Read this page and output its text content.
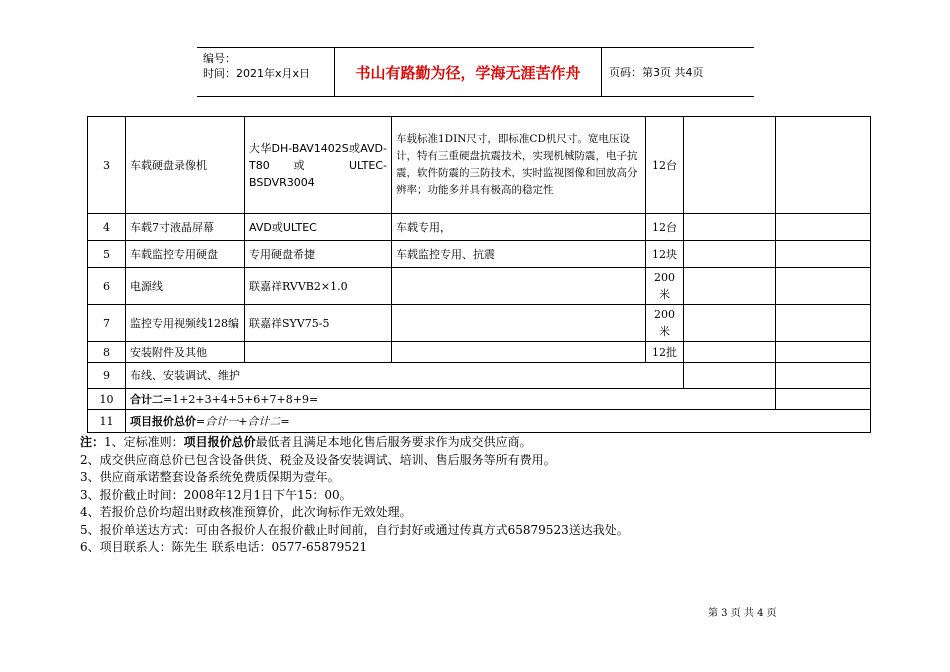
编号：
时间：2021年x月x日	书山有路勤为径，学海无涯苦作舟	页码：第3页 共4页
3	车载硬盘录像机	大华DH-BAV1402S或AVD-T80 或 ULTEC-BSDVR3004	车载标准1DIN尺寸，即标准CD机尺寸。宽电压设计，特有三重硬盘抗震技术，实现机械防震，电子抗震，软件防震的三防技术，实时监视图像和回放高分辨率；功能多并具有极高的稳定性	12台		
4	车载7寸液晶屏幕	AVD或ULTEC	车载专用，	12台		
5	车载监控专用硬盘	专用硬盘希捷	车载监控专用、抗震	12块		
6	电源线	联嘉祥RVVB2×1.0		200米		
7	监控专用视频线128编	联嘉祥SYV75-5		200米		
8	安装附件及其他			12批		
9	布线、安装调试、维护					
10	合计二=1+2+3+4+5+6+7+8+9=					
11	项目报价总价=合计一+合计二=					
注：1、定标准则：项目报价总价最低者且满足本地化售后服务要求作为成交供应商。
2、成交供应商总价已包含设备供货、税金及设备安装调试、培训、售后服务等所有费用。
3、供应商承诺整套设备系统免费质保期为壹年。
3、报价截止时间：2008年12月1日下午15：00。
4、若报价总价均超出财政核准预算价，此次询标作无效处理。
5、报价单送达方式：可由各报价人在报价截止时间前，自行封好或通过传真方式65879523送达我处。
6、项目联系人：陈先生 联系电话：0577-65879521
第 3 页 共 4 页
